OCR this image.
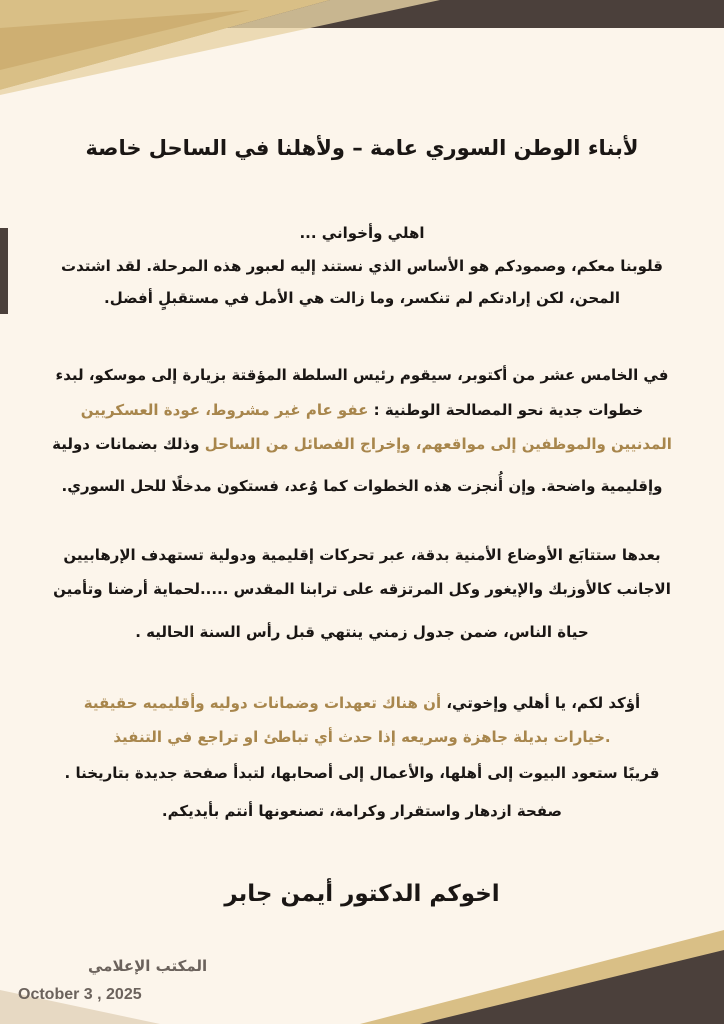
لأبناء الوطن السوري عامة – ولأهلنا في الساحل خاصة
اهلي وأخواني ...
قلوبنا معكم، وصمودكم هو الأساس الذي نستند إليه لعبور هذه المرحلة. لقد اشتدت
المحن، لكن إرادتكم لم تنكسر، وما زالت هي الأمل في مستقبلٍ أفضل.
في الخامس عشر من أكتوبر، سيقوم رئيس السلطة المؤقتة بزيارة إلى موسكو، لبدء
خطوات جدية نحو المصالحة الوطنية : عفو عام غير مشروط، عودة العسكريين
المدنيين والموظفين إلى مواقعهم، وإخراج الفصائل من الساحل وذلك بضمانات دولية
وإقليمية واضحة. وإن أُنجزت هذه الخطوات كما وُعد، فستكون مدخلًا للحل السوري.
بعدها ستتابَع الأوضاع الأمنية بدقة، عبر تحركات إقليمية ودولية تستهدف الإرهابيين
الاجانب كالأوزبك والإيغور وكل المرتزقه على ترابنا المقدس .....لحماية أرضنا وتأمين
حياة الناس، ضمن جدول زمني ينتهي قبل رأس السنة الحاليه .
أؤكد لكم، يا أهلي وإخوتي، أن هناك تعهدات وضمانات دوليه وأقليميه حقيقية
.خيارات بديلة جاهزة وسريعه إذا حدث أي تباطئ او تراجع في التنفيذ
قريبًا ستعود البيوت إلى أهلها، والأعمال إلى أصحابها، لتبدأ صفحة جديدة بتاريخنا .
صفحة ازدهار واستقرار وكرامة، تصنعونها أنتم بأيديكم.
اخوكم الدكتور أيمن جابر
المكتب الإعلامي
October 3 , 2025
